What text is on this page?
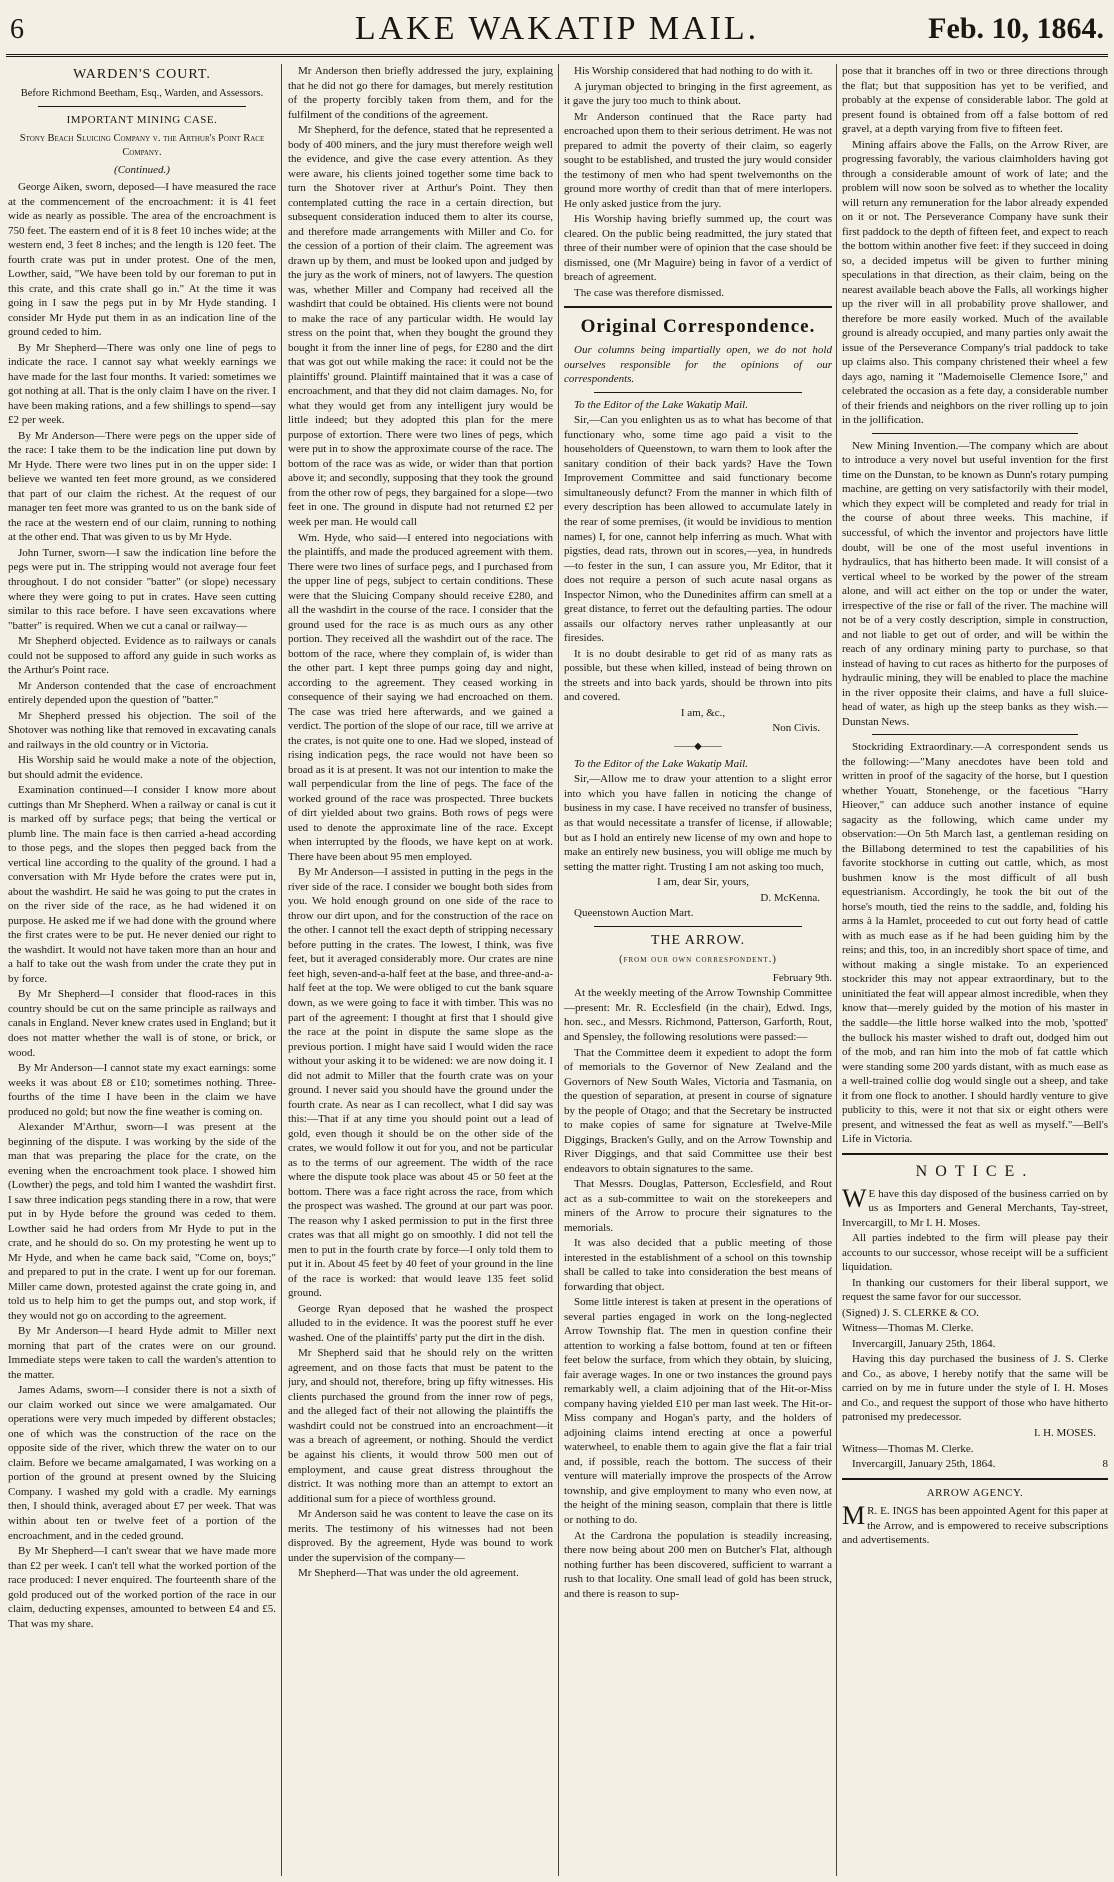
6	LAKE WAKATIP MAIL.	Feb. 10, 1864.
WARDEN'S COURT.
Before Richmond Beetham, Esq., Warden, and Assessors.
IMPORTANT MINING CASE.
Stony Beach Sluicing Company v. the Arthur's Point Race Company.
(Continued.)

George Aiken, sworn, deposed—I have measured the race at the commencement of the encroachment: it is 41 feet wide as nearly as possible. The area of the encroachment is 750 feet. The eastern end of it is 8 feet 10 inches wide; at the western end, 3 feet 8 inches; and the length is 120 feet. The fourth crate was put in under protest. One of the men, Lowther, said, "We have been told by our foreman to put in this crate, and this crate shall go in." At the time it was going in I saw the pegs put in by Mr Hyde standing. I consider Mr Hyde put them in as an indication line of the ground ceded to him.

By Mr Shepherd—There was only one line of pegs to indicate the race. I cannot say what weekly earnings we have made for the last four months. It varied: sometimes we got nothing at all. That is the only claim I have on the river. I have been making rations, and a few shillings to spend—say £2 per week.

By Mr Anderson—There were pegs on the upper side of the race: I take them to be the indication line put down by Mr Hyde. There were two lines put in on the upper side: I believe we wanted ten feet more ground, as we considered that part of our claim the richest. At the request of our manager ten feet more was granted to us on the bank side of the race at the western end of our claim, running to nothing at the other end. That was given to us by Mr Hyde.

John Turner, sworn—I saw the indication line before the pegs were put in. The stripping would not average four feet throughout. I do not consider "batter" (or slope) necessary where they were going to put in crates. Have seen cutting similar to this race before. I have seen excavations where "batter" is required. When we cut a canal or railway—

Mr Shepherd objected. Evidence as to railways or canals could not be supposed to afford any guide in such works as the Arthur's Point race.

Mr Anderson contended that the case of encroachment entirely depended upon the question of "batter."

Mr Shepherd pressed his objection. The soil of the Shotover was nothing like that removed in excavating canals and railways in the old country or in Victoria.

His Worship said he would make a note of the objection, but should admit the evidence.

Examination continued—I consider I know more about cuttings than Mr Shepherd. When a railway or canal is cut it is marked off by surface pegs; that being the vertical or plumb line. The main face is then carried a-head according to those pegs, and the slopes then pegged back from the vertical line according to the quality of the ground. I had a conversation with Mr Hyde before the crates were put in, about the washdirt. He said he was going to put the crates in on the river side of the race, as he had widened it on purpose. He asked me if we had done with the ground where the first crates were to be put. He never denied our right to the washdirt. It would not have taken more than an hour and a half to take out the wash from under the crate they put in by force.

By Mr Shepherd—I consider that flood-races in this country should be cut on the same principle as railways and canals in England. Never knew crates used in England; but it does not matter whether the wall is of stone, or brick, or wood.

By Mr Anderson—I cannot state my exact earnings: some weeks it was about £8 or £10; sometimes nothing. Three-fourths of the time I have been in the claim we have produced no gold; but now the fine weather is coming on.

Alexander M'Arthur, sworn—I was present at the beginning of the dispute. I was working by the side of the man that was preparing the place for the crate, on the evening when the encroachment took place. I showed him (Lowther) the pegs, and told him I wanted the washdirt first. I saw three indication pegs standing there in a row, that were put in by Hyde before the ground was ceded to them. Lowther said he had orders from Mr Hyde to put in the crate, and he should do so. On my protesting he went up to Mr Hyde, and when he came back said, "Come on, boys;" and prepared to put in the crate. I went up for our foreman. Miller came down, protested against the crate going in, and told us to help him to get the pumps out, and stop work, if they would not go on according to the agreement.

By Mr Anderson—I heard Hyde admit to Miller next morning that part of the crates were on our ground. Immediate steps were taken to call the warden's attention to the matter.

James Adams, sworn—I consider there is not a sixth of our claim worked out since we were amalgamated. Our operations were very much impeded by different obstacles; one of which was the construction of the race on the opposite side of the river, which threw the water on to our claim. Before we became amalgamated, I was working on a portion of the ground at present owned by the Sluicing Company. I washed my gold with a cradle. My earnings then, I should think, averaged about £7 per week. That was within about ten or twelve feet of a portion of the encroachment, and in the ceded ground.

By Mr Shepherd—I can't swear that we have made more than £2 per week. I can't tell what the worked portion of the race produced: I never enquired. The fourteenth share of the gold produced out of the worked portion of the race in our claim, deducting expenses, amounted to between £4 and £5. That was my share.

Mr Anderson then briefly addressed the jury, explaining that he did not go there for damages, but merely restitution of the property forcibly taken from them, and for the fulfilment of the conditions of the agreement.

Mr Shepherd, for the defence, stated that he represented a body of 400 miners, and the jury must therefore weigh well the evidence, and give the case every attention. As they were aware, his clients joined together some time back to turn the Shotover river at Arthur's Point. They then contemplated cutting the race in a certain direction, but subsequent consideration induced them to alter its course, and therefore made arrangements with Miller and Co. for the cession of a portion of their claim. The agreement was drawn up by them, and must be looked upon and judged by the jury as the work of miners, not of lawyers. The question was, whether Miller and Company had received all the washdirt that could be obtained. His clients were not bound to make the race of any particular width. He would lay stress on the point that, when they bought the ground they bought it from the inner line of pegs, for £280 and the dirt that was got out while making the race: it could not be the plaintiffs' ground. Plaintiff maintained that it was a case of encroachment, and that they did not claim damages. No, for what they would get from any intelligent jury would be little indeed; but they adopted this plan for the mere purpose of extortion. There were two lines of pegs, which were put in to show the approximate course of the race. The bottom of the race was as wide, or wider than that portion above it; and secondly, supposing that they took the ground from the other row of pegs, they bargained for a slope—two feet in one. The ground in dispute had not returned £2 per week per man. He would call

Wm. Hyde, who said—I entered into negociations with the plaintiffs, and made the produced agreement with them. There were two lines of surface pegs, and I purchased from the upper line of pegs, subject to certain conditions. These were that the Sluicing Company should receive £280, and all the washdirt in the course of the race. I consider that the ground used for the race is as much ours as any other portion. They received all the washdirt out of the race. The bottom of the race, where they complain of, is wider than the other part. I kept three pumps going day and night, according to the agreement. They ceased working in consequence of their saying we had encroached on them. The case was tried here afterwards, and we gained a verdict. The portion of the slope of our race, till we arrive at the crates, is not quite one to one. Had we sloped, instead of rising indication pegs, the race would not have been so broad as it is at present. It was not our intention to make the wall perpendicular from the line of pegs. The face of the worked ground of the race was prospected. Three buckets of dirt yielded about two grains. Both rows of pegs were used to denote the approximate line of the race. Except when interrupted by the floods, we have kept on at work. There have been about 95 men employed.

By Mr Anderson—I assisted in putting in the pegs in the river side of the race. I consider we bought both sides from you. We hold enough ground on one side of the race to throw our dirt upon, and for the construction of the race on the other. I cannot tell the exact depth of stripping necessary before putting in the crates. The lowest, I think, was five feet, but it averaged considerably more. Our crates are nine feet high, seven-and-a-half feet at the base, and three-and-a-half feet at the top. We were obliged to cut the bank square down, as we were going to face it with timber. This was no part of the agreement: I thought at first that I should give the race at the point in dispute the same slope as the previous portion. I might have said I would widen the race without your asking it to be widened: we are now doing it. I did not admit to Miller that the fourth crate was on your ground. I never said you should have the ground under the fourth crate. As near as I can recollect, what I did say was this:—That if at any time you should point out a lead of gold, even though it should be on the other side of the crates, we would follow it out for you, and not be particular as to the terms of our agreement. The width of the race where the dispute took place was about 45 or 50 feet at the bottom. There was a face right across the race, from which the prospect was washed. The ground at our part was poor. The reason why I asked permission to put in the first three crates was that all might go on smoothly. I did not tell the men to put in the fourth crate by force—I only told them to put it in. About 45 feet by 40 feet of your ground in the line of the race is worked: that would leave 135 feet solid ground.

George Ryan deposed that he washed the prospect alluded to in the evidence. It was the poorest stuff he ever washed. One of the plaintiffs' party put the dirt in the dish.

Mr Shepherd said that he should rely on the written agreement, and on those facts that must be patent to the jury, and should not, therefore, bring up fifty witnesses. His clients purchased the ground from the inner row of pegs, and the alleged fact of their not allowing the plaintiffs the washdirt could not be construed into an encroachment—it was a breach of agreement, or nothing. Should the verdict be against his clients, it would throw 500 men out of employment, and cause great distress throughout the district. It was nothing more than an attempt to extort an additional sum for a piece of worthless ground.

Mr Anderson said he was content to leave the case on its merits. The testimony of his witnesses had not been disproved. By the agreement, Hyde was bound to work under the supervision of the company—

Mr Shepherd—That was under the old agreement.

His Worship considered that had nothing to do with it.

A juryman objected to bringing in the first agreement, as it gave the jury too much to think about.

Mr Anderson continued that the Race party had encroached upon them to their serious detriment. He was not prepared to admit the poverty of their claim, so eagerly sought to be established, and trusted the jury would consider the testimony of men who had spent twelvemonths on the ground more worthy of credit than that of mere interlopers. He only asked justice from the jury.

His Worship having briefly summed up, the court was cleared. On the public being readmitted, the jury stated that three of their number were of opinion that the case should be dismissed, one (Mr Maguire) being in favor of a verdict of breach of agreement.

The case was therefore dismissed.

Original Correspondence.

Our columns being impartially open, we do not hold ourselves responsible for the opinions of our correspondents.

To the Editor of the Lake Wakatip Mail.

Sir,—Can you enlighten us as to what has become of that functionary who, some time ago paid a visit to the householders of Queenstown, to warn them to look after the sanitary condition of their back yards? Have the Town Improvement Committee and said functionary become simultaneously defunct? From the manner in which filth of every description has been allowed to accumulate lately in the rear of some premises, (it would be invidious to mention names) I, for one, cannot help inferring as much. What with pigsties, dead rats, thrown out in scores,—yea, in hundreds—to fester in the sun, I can assure you, Mr Editor, that it does not require a person of such acute nasal organs as Inspector Nimon, who the Dunedinites affirm can smell at a great distance, to ferret out the defaulting parties. The odour assails our olfactory nerves rather unpleasantly at our firesides.

It is no doubt desirable to get rid of as many rats as possible, but these when killed, instead of being thrown on the streets and into back yards, should be thrown into pits and covered.

I am, &c.,

Non Civis.

——◆——

To the Editor of the Lake Wakatip Mail.

Sir,—Allow me to draw your attention to a slight error into which you have fallen in noticing the change of business in my case. I have received no transfer of business, as that would necessitate a transfer of license, if allowable; but as I hold an entirely new license of my own and hope to make an entirely new business, you will oblige me much by setting the matter right. Trusting I am not asking too much,

I am, dear Sir, yours,

D. McKenna.

Queenstown Auction Mart.

THE ARROW.
(from our own correspondent.)

February 9th.

At the weekly meeting of the Arrow Township Committee—present: Mr. R. Ecclesfield (in the chair), Edwd. Ings, hon. sec., and Messrs. Richmond, Patterson, Garforth, Rout, and Spensley, the following resolutions were passed:—

That the Committee deem it expedient to adopt the form of memorials to the Governor of New Zealand and the Governors of New South Wales, Victoria and Tasmania, on the question of separation, at present in course of signature by the people of Otago; and that the Secretary be instructed to make copies of same for signature at Twelve-Mile Diggings, Bracken's Gully, and on the Arrow Township and River Diggings, and that said Committee use their best endeavors to obtain signatures to the same.

That Messrs. Douglas, Patterson, Ecclesfield, and Rout act as a sub-committee to wait on the storekeepers and miners of the Arrow to procure their signatures to the memorials.

It was also decided that a public meeting of those interested in the establishment of a school on this township shall be called to take into consideration the best means of forwarding that object.

Some little interest is taken at present in the operations of several parties engaged in work on the long-neglected Arrow Township flat. The men in question confine their attention to working a false bottom, found at ten or fifteen feet below the surface, from which they obtain, by sluicing, fair average wages. In one or two instances the ground pays remarkably well, a claim adjoining that of the Hit-or-Miss company having yielded £10 per man last week. The Hit-or-Miss company and Hogan's party, and the holders of adjoining claims intend erecting at once a powerful waterwheel, to enable them to again give the flat a fair trial and, if possible, reach the bottom. The success of their venture will materially improve the prospects of the Arrow township, and give employment to many who even now, at the height of the mining season, complain that there is little or nothing to do.

At the Cardrona the population is steadily increasing, there now being about 200 men on Butcher's Flat, although nothing further has been discovered, sufficient to warrant a rush to that locality. One small lead of gold has been struck, and there is reason to sup-

pose that it branches off in two or three directions through the flat; but that supposition has yet to be verified, and probably at the expense of considerable labor. The gold at present found is obtained from off a false bottom of red gravel, at a depth varying from five to fifteen feet.

Mining affairs above the Falls, on the Arrow River, are progressing favorably, the various claimholders having got through a considerable amount of work of late; and the problem will now soon be solved as to whether the locality will return any remuneration for the labor already expended on it or not. The Perseverance Company have sunk their first paddock to the depth of fifteen feet, and expect to reach the bottom within another five feet: if they succeed in doing so, a decided impetus will be given to further mining speculations in that direction, as their claim, being on the nearest available beach above the Falls, all workings higher up the river will in all probability prove shallower, and therefore be more easily worked. Much of the available ground is already occupied, and many parties only await the issue of the Perseverance Company's trial paddock to take up claims also. This company christened their wheel a few days ago, naming it "Mademoiselle Clemence Isore," and celebrated the occasion as a fete day, a considerable number of their friends and neighbors on the river rolling up to join in the jollification.

New Mining Invention.—The company which are about to introduce a very novel but useful invention for the first time on the Dunstan, to be known as Dunn's rotary pumping machine, are getting on very satisfactorily with their model, which they expect will be completed and ready for trial in the course of about three weeks. This machine, if successful, of which the inventor and projectors have little doubt, will be one of the most useful inventions in hydraulics, that has hitherto been made. It will consist of a vertical wheel to be worked by the power of the stream alone, and will act either on the top or under the water, irrespective of the rise or fall of the river. The machine will not be of a very costly description, simple in construction, and not liable to get out of order, and will be within the reach of any ordinary mining party to purchase, so that instead of having to cut races as hitherto for the purposes of hydraulic mining, they will be enabled to place the machine in the river opposite their claims, and have a full sluice-head of water, as high up the steep banks as they wish.—Dunstan News.

Stockriding Extraordinary.—A correspondent sends us the following:—"Many anecdotes have been told and written in proof of the sagacity of the horse, but I question whether Youatt, Stonehenge, or the facetious "Harry Hieover," can adduce such another instance of equine sagacity as the following, which came under my observation:—On 5th March last, a gentleman residing on the Billabong determined to test the capabilities of his favorite stockhorse in cutting out cattle, which, as most bushmen know is the most difficult of all bush equestrianism. Accordingly, he took the bit out of the horse's mouth, tied the reins to the saddle, and, folding his arms à la Hamlet, proceeded to cut out forty head of cattle with as much ease as if he had been guiding him by the reins; and this, too, in an incredibly short space of time, and without making a single mistake. To an experienced stockrider this may not appear extraordinary, but to the uninitiated the feat will appear almost incredible, when they know that—merely guided by the motion of his master in the saddle—the little horse walked into the mob, 'spotted' the bullock his master wished to draft out, dodged him out of the mob, and ran him into the mob of fat cattle which were standing some 200 yards distant, with as much ease as a well-trained collie dog would single out a sheep, and take it from one flock to another. I should hardly venture to give publicity to this, were it not that six or eight others were present, and witnessed the feat as well as myself."—Bell's Life in Victoria.

NOTICE.

WE have this day disposed of the business carried on by us as Importers and General Merchants, Tay-street, Invercargill, to Mr I. H. Moses.

All parties indebted to the firm will please pay their accounts to our successor, whose receipt will be a sufficient liquidation.

In thanking our customers for their liberal support, we request the same favor for our successor.

(Signed) J. S. CLERKE & CO.

Witness—Thomas M. Clerke.

Invercargill, January 25th, 1864.

Having this day purchased the business of J. S. Clerke and Co., as above, I hereby notify that the same will be carried on by me in future under the style of I. H. Moses and Co., and request the support of those who have hitherto patronised my predecessor.

I. H. MOSES.

Witness—Thomas M. Clerke.

Invercargill, January 25th, 1864.	8

ARROW AGENCY.

MR. E. INGS has been appointed Agent for this paper at the Arrow, and is empowered to receive subscriptions and advertisements.
